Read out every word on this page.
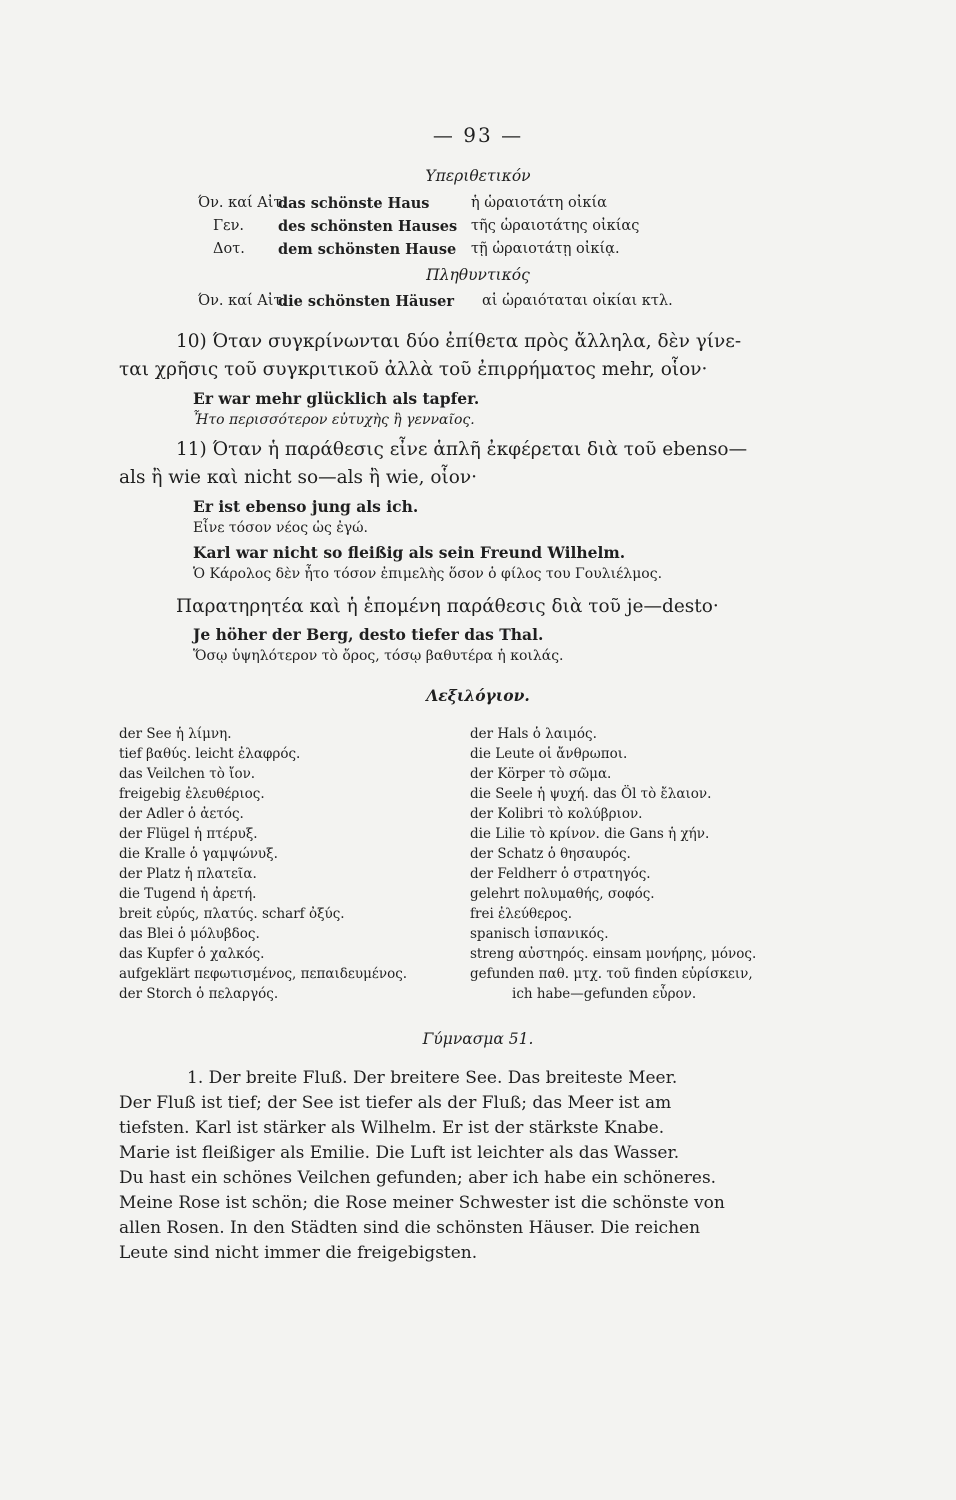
— 93 —
Υπεριθετικόν
Όν. καί Αἰτ.
das schönste Haus	ἡ ὡραιοτάτη οἰκία
Γεν. des schönsten Hauses τῆς ὡραιοτάτης οἰκίας
Δοτ. dem schönsten Hause τῇ ὡραιοτάτῃ οἰκίᾳ.
Πληθυντικός
Όν. καί Αἰτ.
die schönsten Häuser αἱ ὡραιόταται οἰκίαι κτλ.
10) Όταν συγκρίνωνται δύο ἐπίθετα πρὸς ἄλληλα, δὲν γίνε-
ται χρῆσις τοῦ συγκριτικοῦ ἀλλὰ τοῦ ἐπιρρήματος mehr, οἷον·
Er war mehr glücklich als tapfer.
Ἦτο περισσότερον εὐτυχὴς ἢ γενναῖος.
11) Όταν ἡ παράθεσις εἶνε ἁπλῆ ἐκφέρεται διὰ τοῦ ebenso—
als ἢ wie καὶ nicht so—als ἢ wie, οἷον·
Er ist ebenso jung als ich.
Εἶνε τόσον νέος ὡς ἐγώ.
Karl war nicht so fleißig als sein Freund Wilhelm.
Ὁ Κάρολος δὲν ἦτο τόσον ἐπιμελὴς ὅσον ὁ φίλος του Γουλιέλμος.
Παρατηρητέα καὶ ἡ ἑπομένη παράθεσις διὰ τοῦ je—desto·
Je höher der Berg, desto tiefer das Thal.
Ὅσῳ ὑψηλότερον τὸ ὄρος, τόσῳ βαθυτέρα ἡ κοιλάς.
Λεξιλόγιον.
der See ἡ λίμνη.
tief βαθύς. leicht ἐλαφρός.
das Veilchen τὸ ἴον.
freigebig ἐλευθέριος.
der Adler ὁ ἀετός.
der Flügel ἡ πτέρυξ.
die Kralle ὁ γαμψώνυξ.
der Platz ἡ πλατεῖα.
die Tugend ἡ ἀρετή.
breit εὐρύς, πλατύς. scharf ὀξύς.
das Blei ὁ μόλυβδος.
das Kupfer ὁ χαλκός.
aufgeklärt πεφωτισμένος, πεπαιδευμένος.
der Storch ὁ πελαργός.
der Hals ὁ λαιμός.
die Leute οἱ ἄνθρωποι.
der Körper τὸ σῶμα.
die Seele ἡ ψυχή. das Öl τὸ ἔλαιον.
der Kolibri τὸ κολύβριον.
die Lilie τὸ κρίνον. die Gans ἡ χήν.
der Schatz ὁ θησαυρός.
der Feldherr ὁ στρατηγός.
gelehrt πολυμαθής, σοφός.
frei ἐλεύθερος.
spanisch ἱσπανικός.
streng αὐστηρός. einsam μονήρης, μόνος.
gefunden παθ. μτχ. τοῦ finden εὑρίσκειν,
ich habe—gefunden εὗρον.
Γύμνασμα 51.
1. Der breite Fluß. Der breitere See. Das breiteste Meer.
Der Fluß ist tief; der See ist tiefer als der Fluß; das Meer ist am
tiefsten. Karl ist stärker als Wilhelm. Er ist der stärkste Knabe.
Marie ist fleißiger als Emilie. Die Luft ist leichter als das Wasser.
Du hast ein schönes Veilchen gefunden; aber ich habe ein schöneres.
Meine Rose ist schön; die Rose meiner Schwester ist die schönste von
allen Rosen. In den Städten sind die schönsten Häuser. Die reichen
Leute sind nicht immer die freigebigsten.
